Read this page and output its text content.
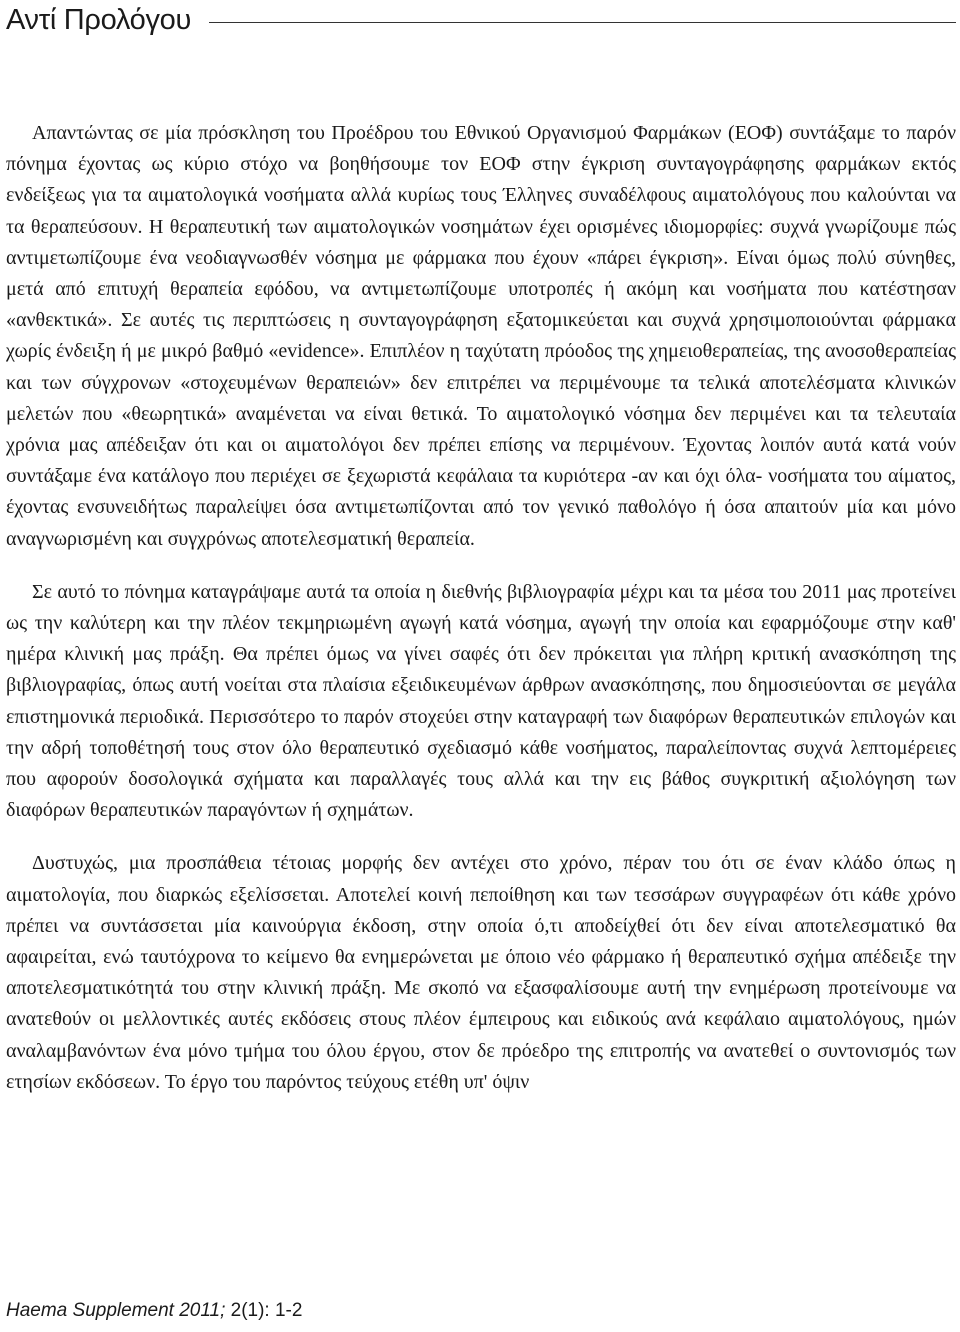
Αντί Προλόγου

Απαντώντας σε μία πρόσκληση του Προέδρου του Εθνικού Οργανισμού Φαρμάκων (ΕΟΦ) συντάξαμε το παρόν πόνημα έχοντας ως κύριο στόχο να βοηθήσουμε τον ΕΟΦ στην έγκριση συνταγογράφησης φαρμάκων εκτός ενδείξεως για τα αιματολογικά νοσήματα αλλά κυρίως τους Έλληνες συναδέλφους αιματολόγους που καλούνται να τα θεραπεύσουν. Η θεραπευτική των αιματολογικών νοσημάτων έχει ορισμένες ιδιομορφίες: συχνά γνωρίζουμε πώς αντιμετωπίζουμε ένα νεοδιαγνωσθέν νόσημα με φάρμακα που έχουν «πάρει έγκριση». Είναι όμως πολύ σύνηθες, μετά από επιτυχή θεραπεία εφόδου, να αντιμετωπίζουμε υποτροπές ή ακόμη και νοσήματα που κατέστησαν «ανθεκτικά». Σε αυτές τις περιπτώσεις η συνταγογράφηση εξατομικεύεται και συχνά χρησιμοποιούνται φάρμακα χωρίς ένδειξη ή με μικρό βαθμό «evidence». Επιπλέον η ταχύτατη πρόοδος της χημειοθεραπείας, της ανοσοθεραπείας και των σύγχρονων «στοχευμένων θεραπειών» δεν επιτρέπει να περιμένουμε τα τελικά αποτελέσματα κλινικών μελετών που «θεωρητικά» αναμένεται να είναι θετικά. Το αιματολογικό νόσημα δεν περιμένει και τα τελευταία χρόνια μας απέδειξαν ότι και οι αιματολόγοι δεν πρέπει επίσης να περιμένουν. Έχοντας λοιπόν αυτά κατά νούν συντάξαμε ένα κατάλογο που περιέχει σε ξεχωριστά κεφάλαια τα κυριότερα -αν και όχι όλα- νοσήματα του αίματος, έχοντας ενσυνειδήτως παραλείψει όσα αντιμετωπίζονται από τον γενικό παθολόγο ή όσα απαιτούν μία και μόνο αναγνωρισμένη και συγχρόνως αποτελεσματική θεραπεία.

Σε αυτό το πόνημα καταγράψαμε αυτά τα οποία η διεθνής βιβλιογραφία μέχρι και τα μέσα του 2011 μας προτείνει ως την καλύτερη και την πλέον τεκμηριωμένη αγωγή κατά νόσημα, αγωγή την οποία και εφαρμόζουμε στην καθ' ημέρα κλινική μας πράξη. Θα πρέπει όμως να γίνει σαφές ότι δεν πρόκειται για πλήρη κριτική ανασκόπηση της βιβλιογραφίας, όπως αυτή νοείται στα πλαίσια εξειδικευμένων άρθρων ανασκόπησης, που δημοσιεύονται σε μεγάλα επιστημονικά περιοδικά. Περισσότερο το παρόν στοχεύει στην καταγραφή των διαφόρων θεραπευτικών επιλογών και την αδρή τοποθέτησή τους στον όλο θεραπευτικό σχεδιασμό κάθε νοσήματος, παραλείποντας συχνά λεπτομέρειες που αφορούν δοσολογικά σχήματα και παραλλαγές τους αλλά και την εις βάθος συγκριτική αξιολόγηση των διαφόρων θεραπευτικών παραγόντων ή σχημάτων.

Δυστυχώς, μια προσπάθεια τέτοιας μορφής δεν αντέχει στο χρόνο, πέραν του ότι σε έναν κλάδο όπως η αιματολογία, που διαρκώς εξελίσσεται. Αποτελεί κοινή πεποίθηση και των τεσσάρων συγγραφέων ότι κάθε χρόνο πρέπει να συντάσσεται μία καινούργια έκδοση, στην οποία ό,τι αποδείχθεί ότι δεν είναι αποτελεσματικό θα αφαιρείται, ενώ ταυτόχρονα το κείμενο θα ενημερώνεται με όποιο νέο φάρμακο ή θεραπευτικό σχήμα απέδειξε την αποτελεσματικότητά του στην κλινική πράξη. Με σκοπό να εξασφαλίσουμε αυτή την ενημέρωση προτείνουμε να ανατεθούν οι μελλοντικές αυτές εκδόσεις στους πλέον έμπειρους και ειδικούς ανά κεφάλαιο αιματολόγους, ημών αναλαμβανόντων ένα μόνο τμήμα του όλου έργου, στον δε πρόεδρο της επιτροπής να ανατεθεί ο συντονισμός των ετησίων εκδόσεων. Το έργο του παρόντος τεύχους ετέθη υπ' όψιν

Haema Supplement 2011; 2(1): 1-2
